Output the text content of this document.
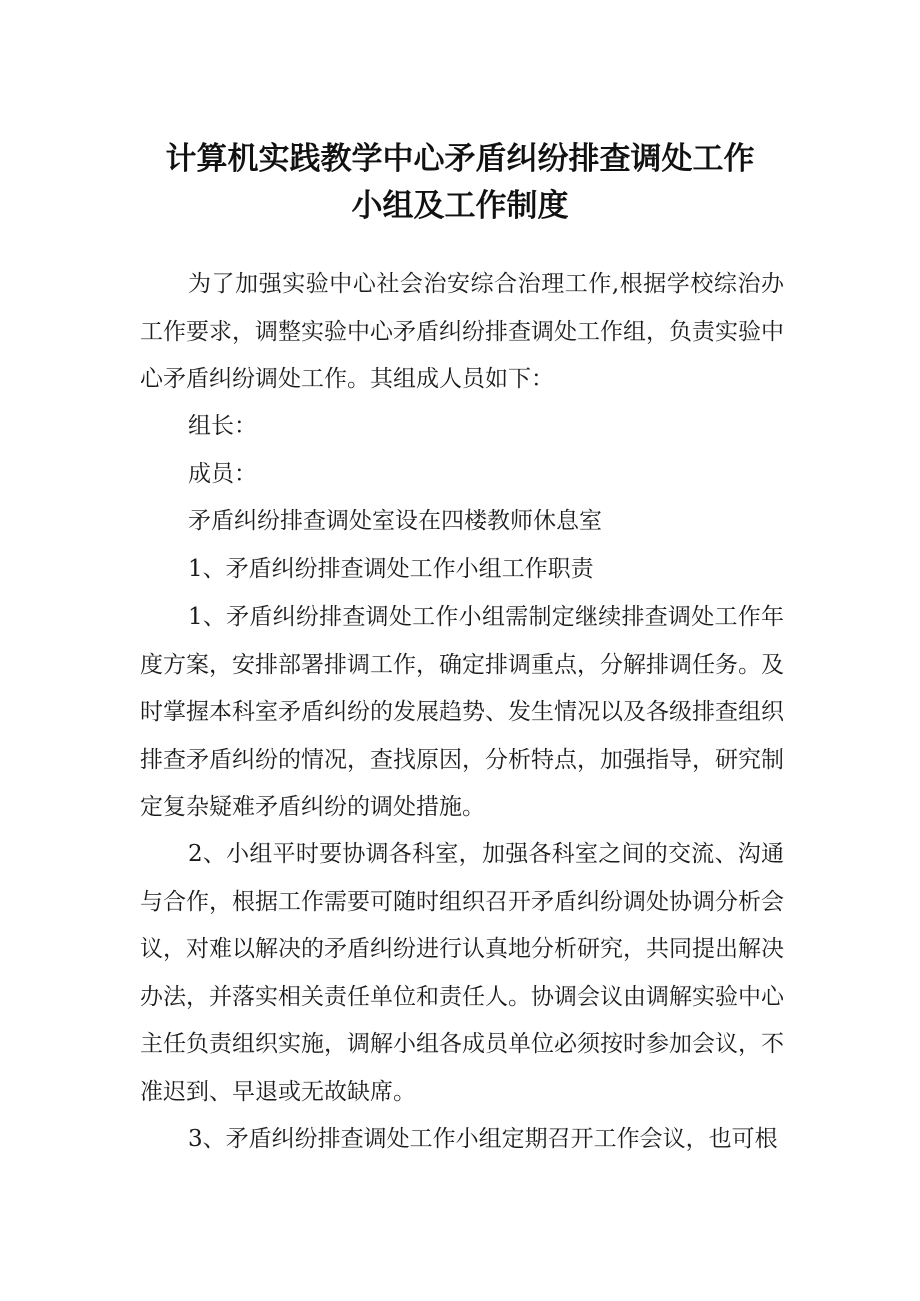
计算机实践教学中心矛盾纠纷排查调处工作
小组及工作制度

为了加强实验中心社会治安综合治理工作,根据学校综治办工作要求，调整实验中心矛盾纠纷排查调处工作组，负责实验中心矛盾纠纷调处工作。其组成人员如下：

组长：

成员：

矛盾纠纷排查调处室设在四楼教师休息室

1、矛盾纠纷排查调处工作小组工作职责

1、矛盾纠纷排查调处工作小组需制定继续排查调处工作年度方案，安排部署排调工作，确定排调重点，分解排调任务。及时掌握本科室矛盾纠纷的发展趋势、发生情况以及各级排查组织排查矛盾纠纷的情况，查找原因，分析特点，加强指导，研究制定复杂疑难矛盾纠纷的调处措施。

2、小组平时要协调各科室，加强各科室之间的交流、沟通与合作，根据工作需要可随时组织召开矛盾纠纷调处协调分析会议，对难以解决的矛盾纠纷进行认真地分析研究，共同提出解决办法，并落实相关责任单位和责任人。协调会议由调解实验中心主任负责组织实施，调解小组各成员单位必须按时参加会议，不准迟到、早退或无故缺席。

3、矛盾纠纷排查调处工作小组定期召开工作会议，也可根
